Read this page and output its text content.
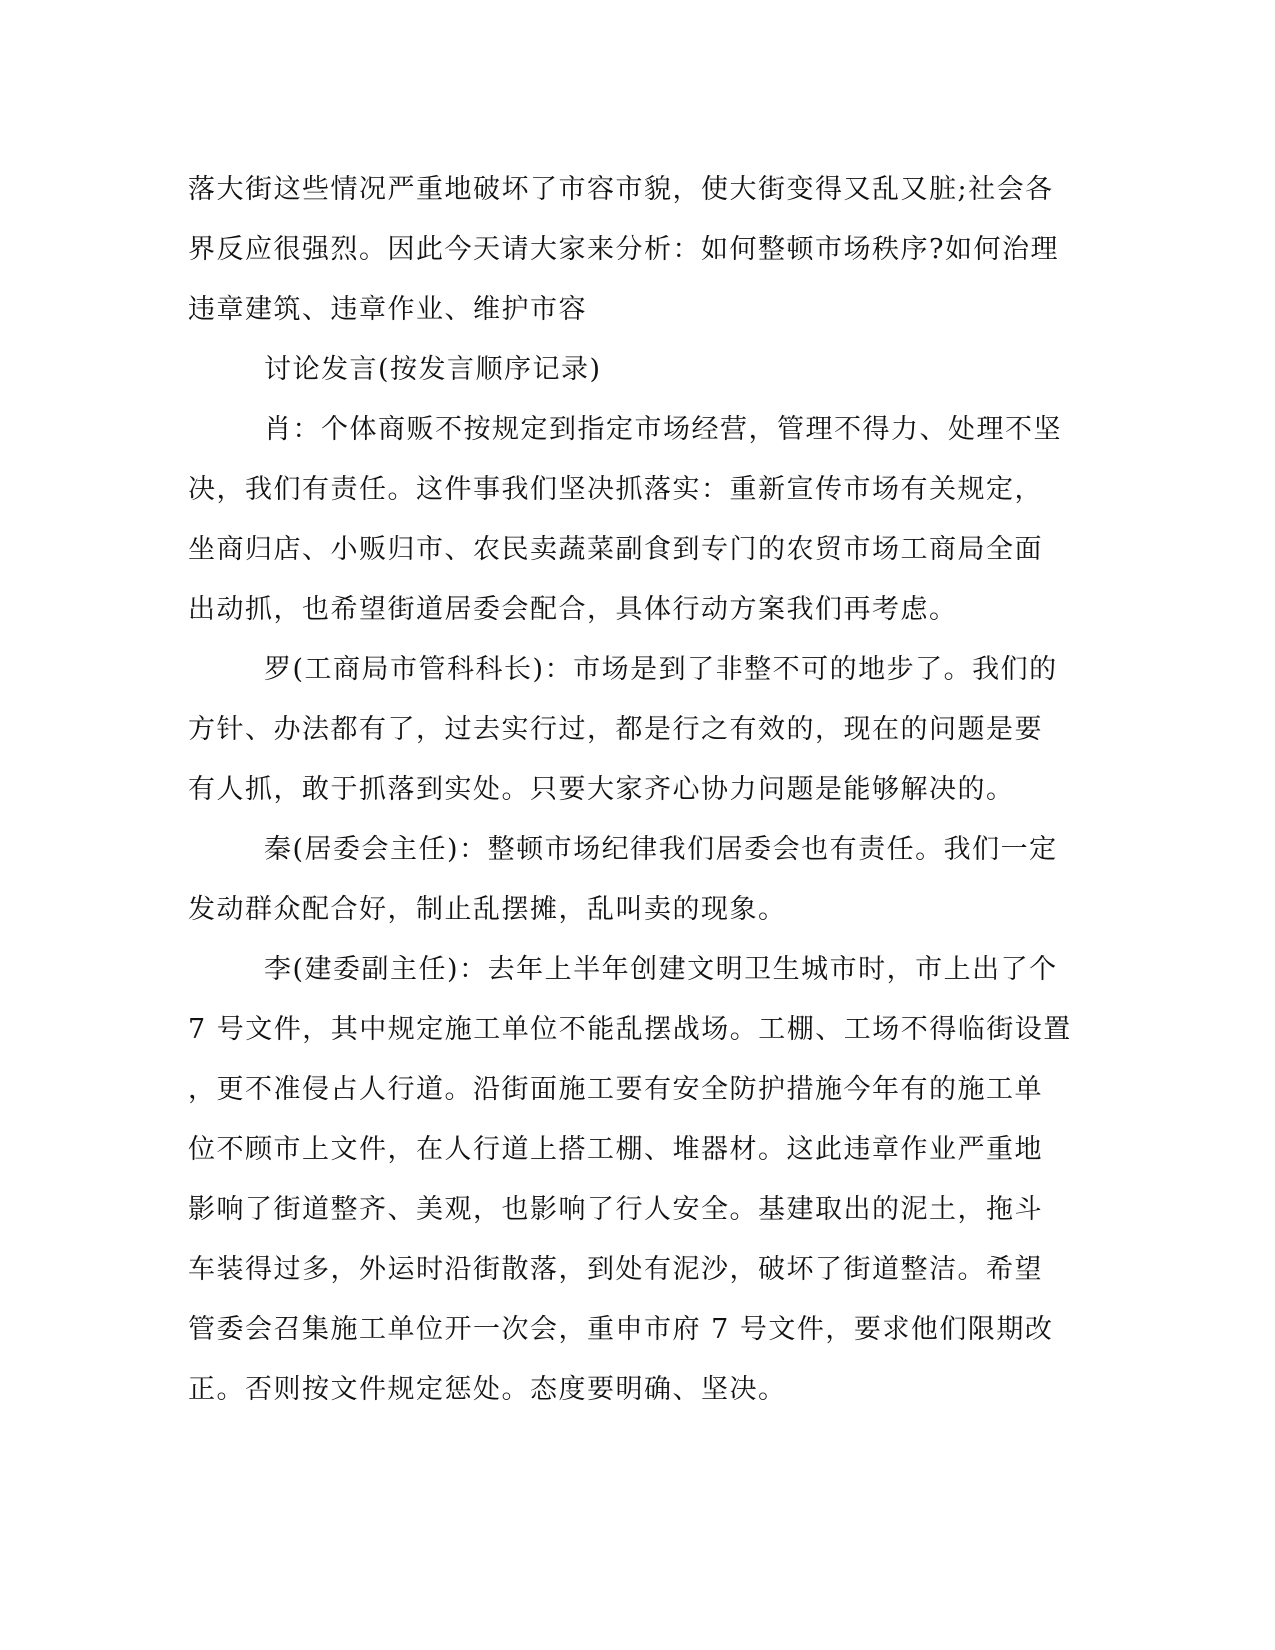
落大街这些情况严重地破坏了市容市貌，使大街变得又乱又脏;社会各
界反应很强烈。因此今天请大家来分析：如何整顿市场秩序?如何治理
违章建筑、违章作业、维护市容
讨论发言(按发言顺序记录)
肖：个体商贩不按规定到指定市场经营，管理不得力、处理不坚
决，我们有责任。这件事我们坚决抓落实：重新宣传市场有关规定，
坐商归店、小贩归市、农民卖蔬菜副食到专门的农贸市场工商局全面
出动抓，也希望街道居委会配合，具体行动方案我们再考虑。
罗(工商局市管科科长)：市场是到了非整不可的地步了。我们的
方针、办法都有了，过去实行过，都是行之有效的，现在的问题是要
有人抓，敢于抓落到实处。只要大家齐心协力问题是能够解决的。
秦(居委会主任)：整顿市场纪律我们居委会也有责任。我们一定
发动群众配合好，制止乱摆摊，乱叫卖的现象。
李(建委副主任)：去年上半年创建文明卫生城市时，市上出了个
7 号文件，其中规定施工单位不能乱摆战场。工棚、工场不得临街设置
，更不准侵占人行道。沿街面施工要有安全防护措施今年有的施工单
位不顾市上文件，在人行道上搭工棚、堆器材。这此违章作业严重地
影响了街道整齐、美观，也影响了行人安全。基建取出的泥土，拖斗
车装得过多，外运时沿街散落，到处有泥沙，破坏了街道整洁。希望
管委会召集施工单位开一次会，重申市府 7 号文件，要求他们限期改
正。否则按文件规定惩处。态度要明确、坚决。
